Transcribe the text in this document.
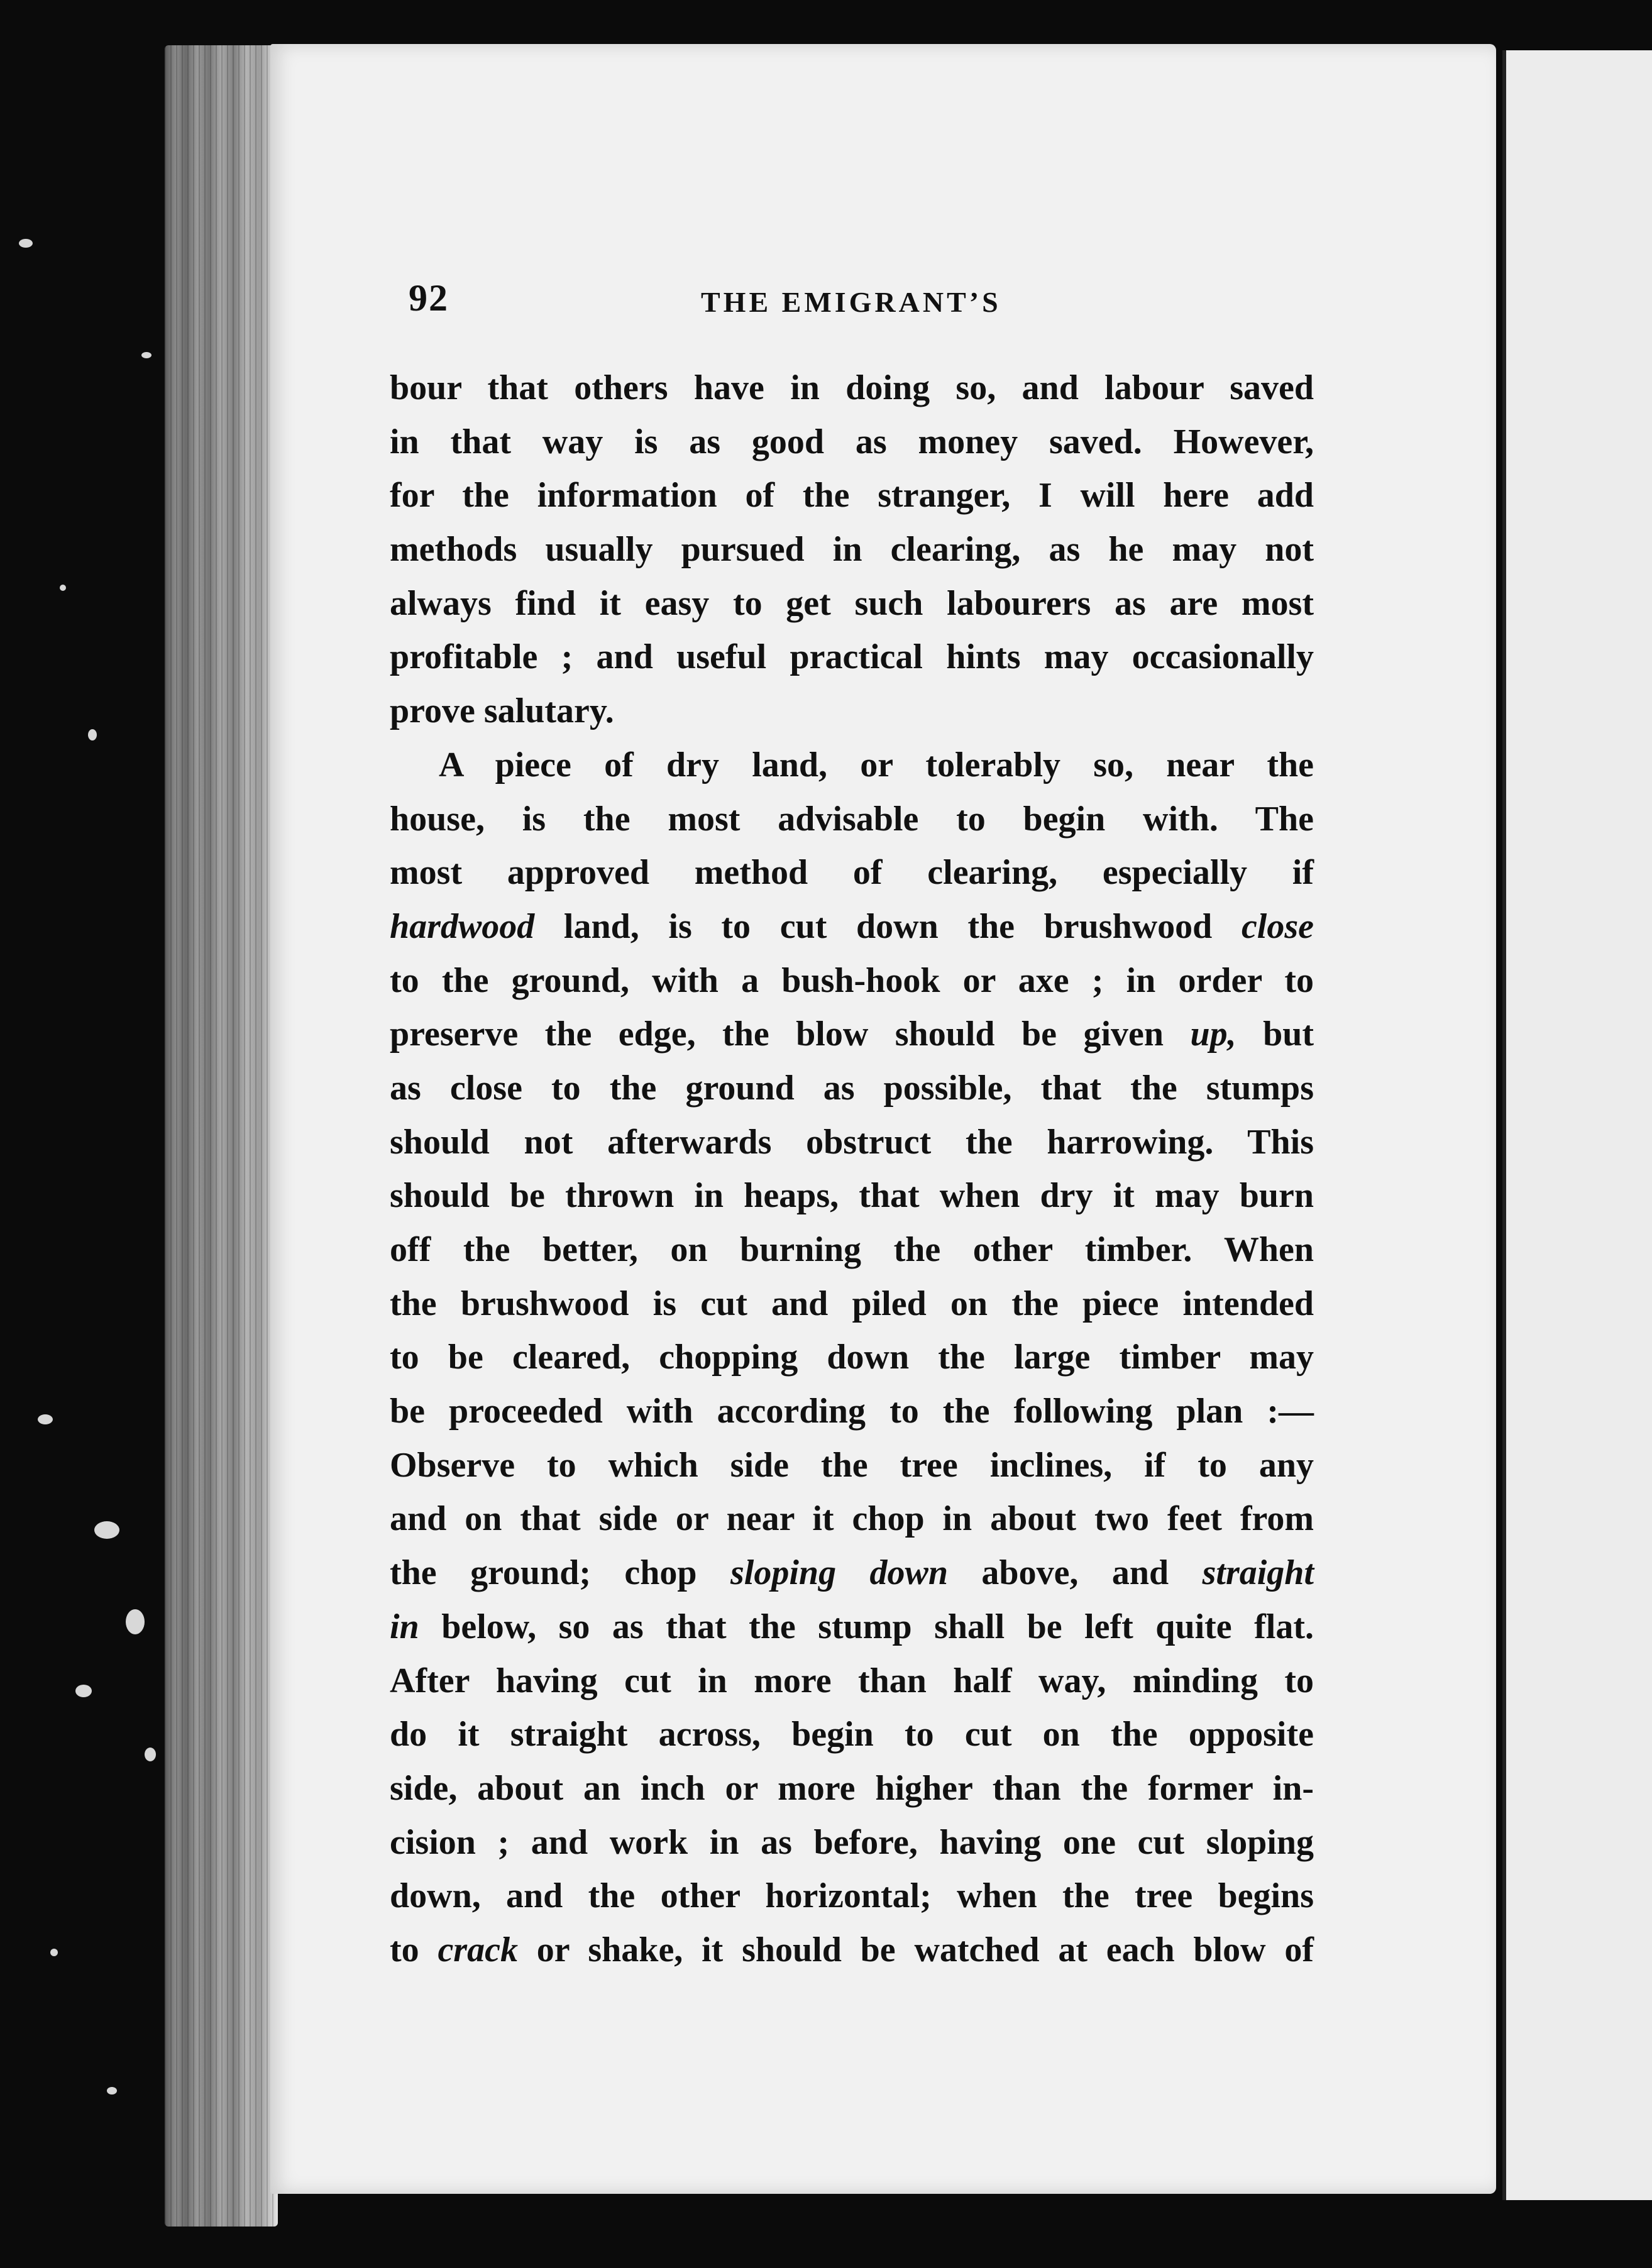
92	THE EMIGRANT’S
bour that others have in doing so, and labour saved
in that way is as good as money saved. However,
for the information of the stranger, I will here add
methods usually pursued in clearing, as he may not
always find it easy to get such labourers as are most
profitable ; and useful practical hints may occasionally
prove salutary.
A piece of dry land, or tolerably so, near the
house, is the most advisable to begin with. The
most approved method of clearing, especially if
hardwood land, is to cut down the brushwood close
to the ground, with a bush-hook or axe ; in order to
preserve the edge, the blow should be given up, but
as close to the ground as possible, that the stumps
should not afterwards obstruct the harrowing. This
should be thrown in heaps, that when dry it may burn
off the better, on burning the other timber. When
the brushwood is cut and piled on the piece intended
to be cleared, chopping down the large timber may
be proceeded with according to the following plan :—
Observe to which side the tree inclines, if to any
and on that side or near it chop in about two feet from
the ground; chop sloping down above, and straight
in below, so as that the stump shall be left quite flat.
After having cut in more than half way, minding to
do it straight across, begin to cut on the opposite
side, about an inch or more higher than the former in-
cision ; and work in as before, having one cut sloping
down, and the other horizontal; when the tree begins
to crack or shake, it should be watched at each blow of
